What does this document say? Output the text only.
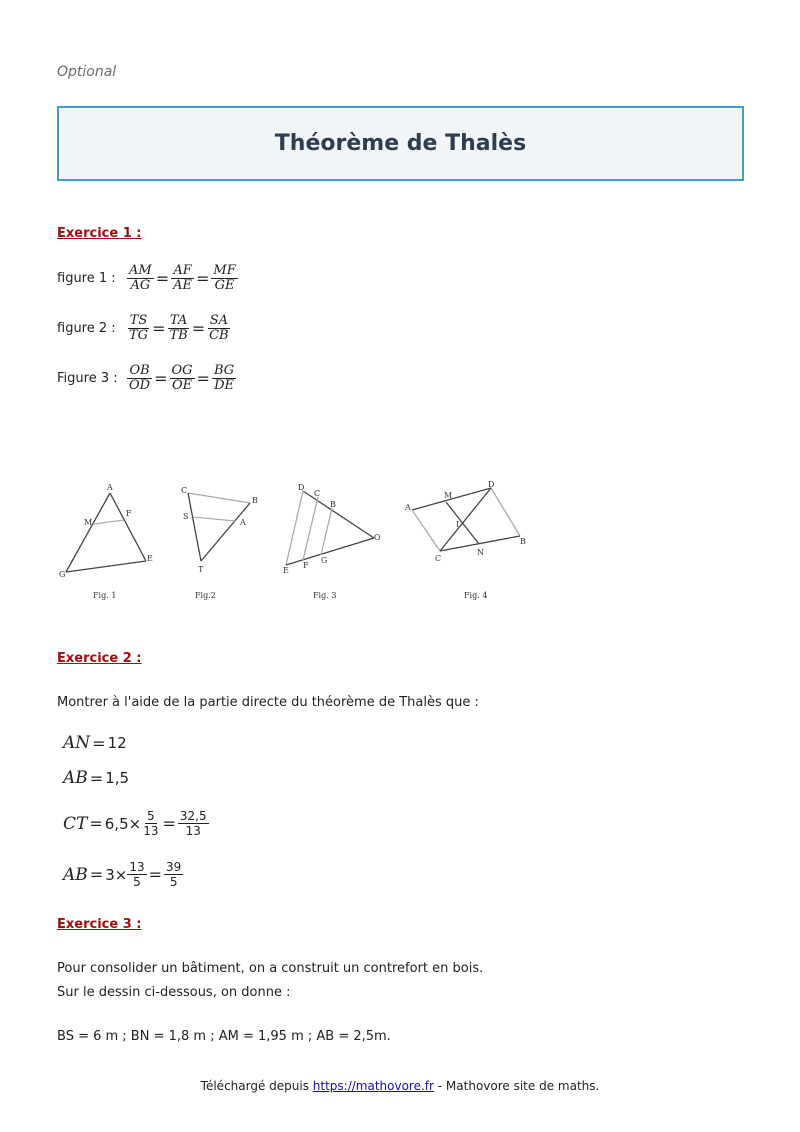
Optional
Théorème de Thalès
Exercice 1 :
figure 1 : $\frac{AM}{AG} = \frac{AF}{AE} = \frac{MF}{GE}$
figure 2 : $\frac{TS}{TG} = \frac{TA}{TB} = \frac{SA}{CB}$
Figure 3 : $\frac{OB}{OD} = \frac{OG}{OE} = \frac{BG}{DE}$
A
M
F
G
E
C
B
S
A
T
D
C
B
O
E
F
G
M
D
A
I
C
N
B
Fig. 1	Fig.2	Fig. 3	Fig. 4
Exercice 2 :
Montrer à l'aide de la partie directe du théorème de Thalès que :
AN = 12
AB = 1,5
CT = $6,5\times \frac{5}{13} = \frac{32,5}{13}$
AB = $3\times \frac{13}{5} = \frac{39}{5}$
Exercice 3 :
Pour consolider un bâtiment, on a construit un contrefort en bois.
Sur le dessin ci-dessous, on donne :
BS = 6 m ; BN = 1,8 m ; AM = 1,95 m ; AB = 2,5m.
Téléchargé depuis https://mathovore.fr - Mathovore site de maths.
